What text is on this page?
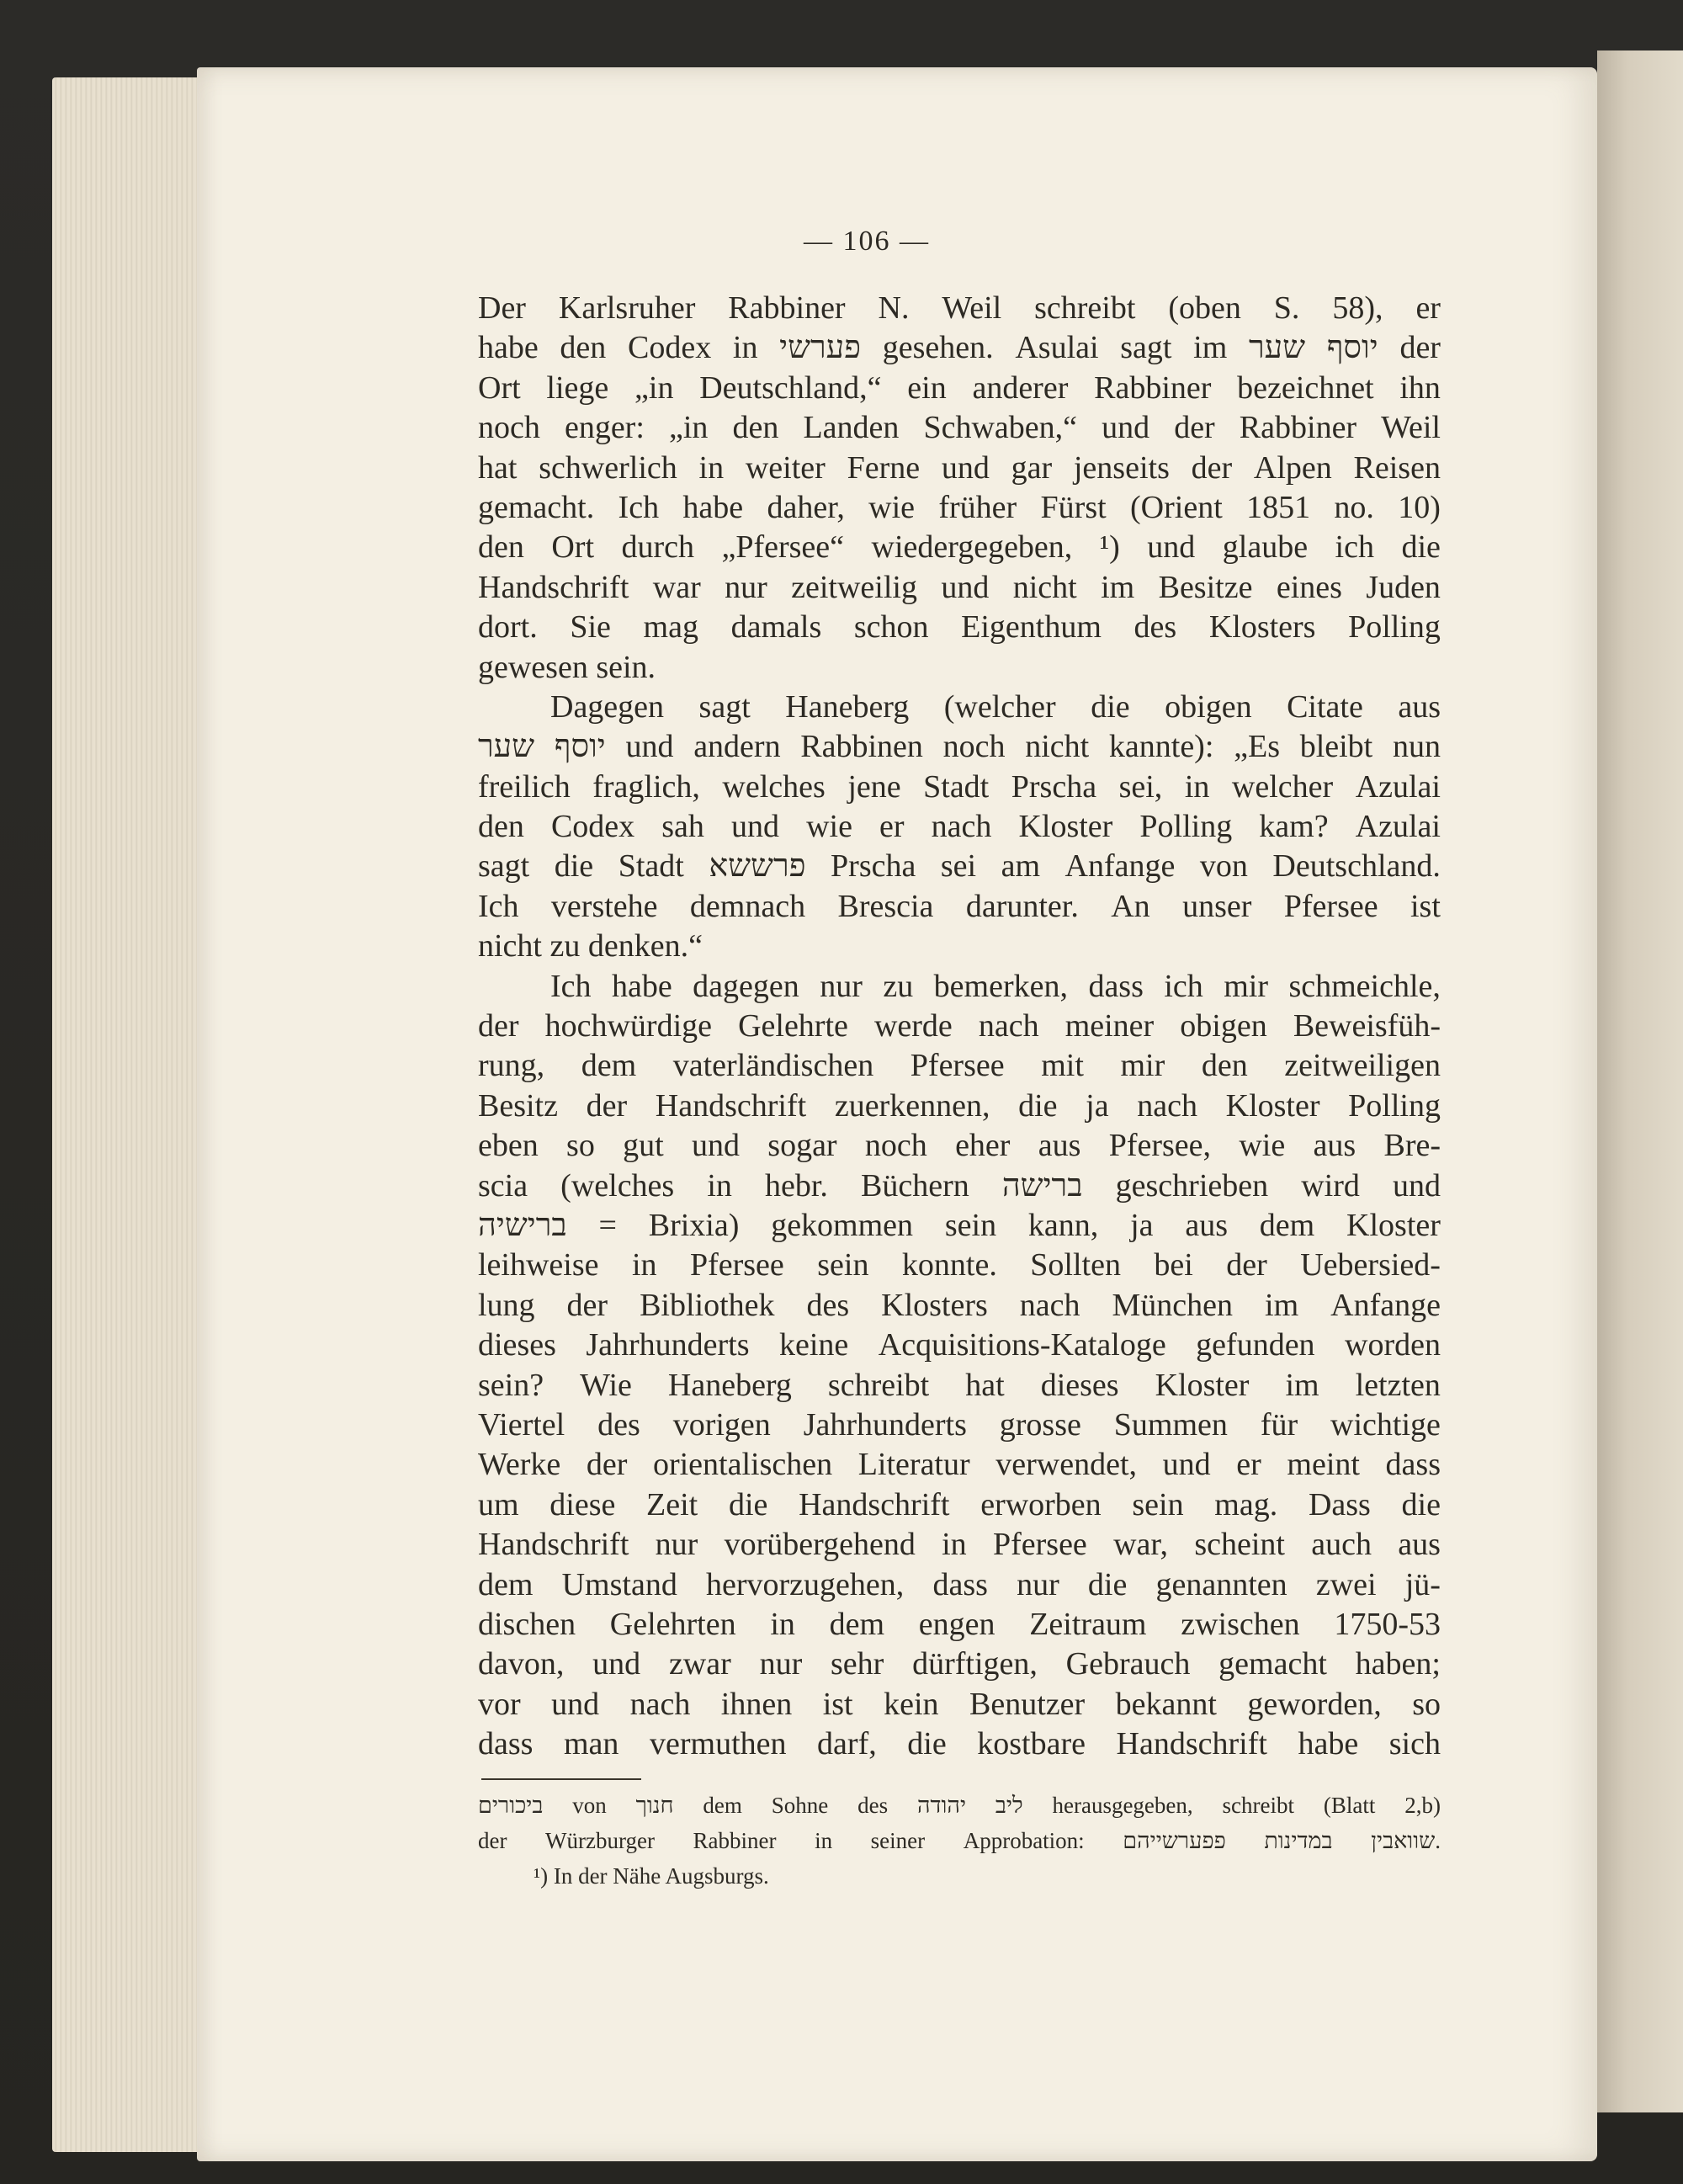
— 106 —
Der Karlsruher Rabbiner N. Weil schreibt (oben S. 58), er
habe den Codex in פערשי gesehen. Asulai sagt im שער יוסף der
Ort liege „in Deutschland,“ ein anderer Rabbiner bezeichnet ihn
noch enger: „in den Landen Schwaben,“ und der Rabbiner Weil
hat schwerlich in weiter Ferne und gar jenseits der Alpen Reisen
gemacht. Ich habe daher, wie früher Fürst (Orient 1851 no. 10)
den Ort durch „Pfersee“ wiedergegeben, ¹) und glaube ich die
Handschrift war nur zeitweilig und nicht im Besitze eines Juden
dort. Sie mag damals schon Eigenthum des Klosters Polling
gewesen sein.
Dagegen sagt Haneberg (welcher die obigen Citate aus
שער יוסף und andern Rabbinen noch nicht kannte): „Es bleibt nun
freilich fraglich, welches jene Stadt Prscha sei, in welcher Azulai
den Codex sah und wie er nach Kloster Polling kam? Azulai
sagt die Stadt פרששא Prscha sei am Anfange von Deutschland.
Ich verstehe demnach Brescia darunter. An unser Pfersee ist
nicht zu denken.“
Ich habe dagegen nur zu bemerken, dass ich mir schmeichle,
der hochwürdige Gelehrte werde nach meiner obigen Beweisfüh-
rung, dem vaterländischen Pfersee mit mir den zeitweiligen
Besitz der Handschrift zuerkennen, die ja nach Kloster Polling
eben so gut und sogar noch eher aus Pfersee, wie aus Bre-
scia (welches in hebr. Büchern ברישה geschrieben wird und
ברישיה = Brixia) gekommen sein kann, ja aus dem Kloster
leihweise in Pfersee sein konnte. Sollten bei der Uebersied-
lung der Bibliothek des Klosters nach München im Anfange
dieses Jahrhunderts keine Acquisitions-Kataloge gefunden worden
sein? Wie Haneberg schreibt hat dieses Kloster im letzten
Viertel des vorigen Jahrhunderts grosse Summen für wichtige
Werke der orientalischen Literatur verwendet, und er meint dass
um diese Zeit die Handschrift erworben sein mag. Dass die
Handschrift nur vorübergehend in Pfersee war, scheint auch aus
dem Umstand hervorzugehen, dass nur die genannten zwei jü-
dischen Gelehrten in dem engen Zeitraum zwischen 1750-53
davon, und zwar nur sehr dürftigen, Gebrauch gemacht haben;
vor und nach ihnen ist kein Benutzer bekannt geworden, so
dass man vermuthen darf, die kostbare Handschrift habe sich
ביכורים von חנוך dem Sohne des יהודה ליב herausgegeben, schreibt (Blatt 2,b)
der Würzburger Rabbiner in seiner Approbation: פפערשייהם במדינות שוואבין.
¹) In der Nähe Augsburgs.
